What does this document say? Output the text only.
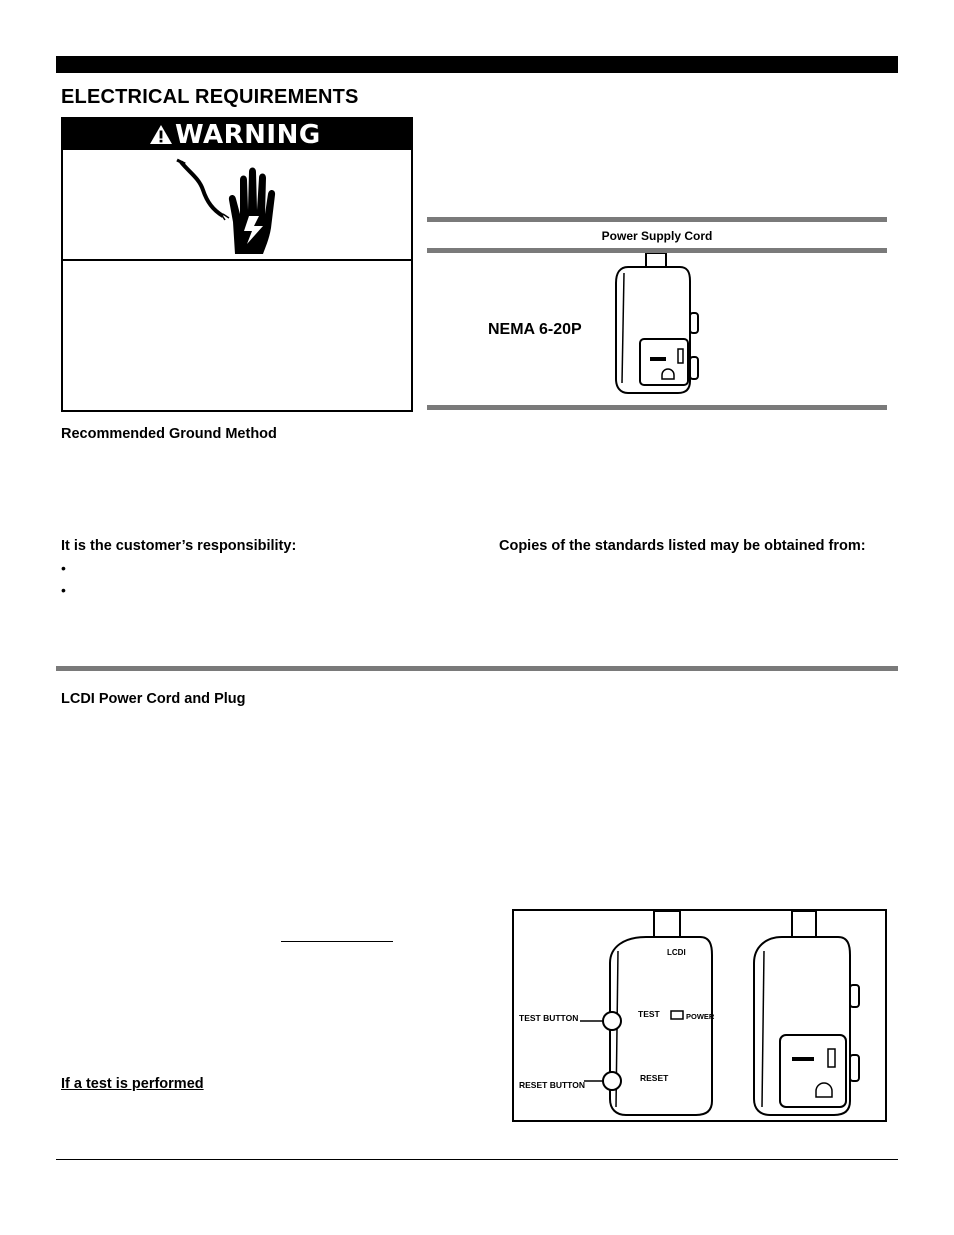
ELECTRICAL REQUIREMENTS
WARNING
Power Supply Cord
NEMA 6-20P
Recommended Ground Method
It is the customer’s responsibility:
•
•
Copies of the standards listed may be obtained from:
LCDI Power Cord and Plug
If a test is performed
LCDI
TEST	POWER
RESET
TEST BUTTON
RESET BUTTON
